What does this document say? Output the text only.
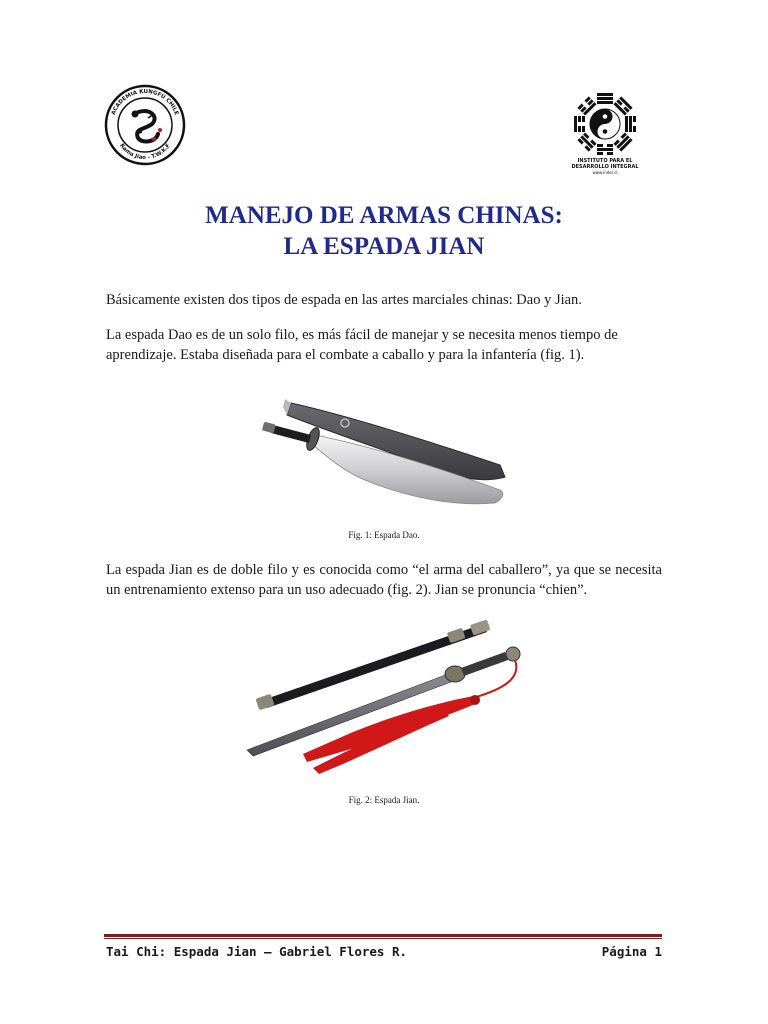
ACADEMIA KUNGFU CHILE
Rama Jiao - T.W.K.F
INSTITUTO PARA EL
DESARROLLO INTEGRAL
www.indei.cl
MANEJO DE ARMAS CHINAS:
LA ESPADA JIAN
Básicamente existen dos tipos de espada en las artes marciales chinas: Dao y Jian.
La espada Dao es de un solo filo, es más fácil de manejar y se necesita menos tiempo de aprendizaje. Estaba diseñada para el combate a caballo y para la infantería (fig. 1).
Fig. 1: Espada Dao.
La espada Jian es de doble filo y es conocida como “el arma del caballero”, ya que se necesita un entrenamiento extenso para un uso adecuado (fig. 2). Jian se pronuncia “chien”.
Fig. 2: Espada Jian.
Tai Chi: Espada Jian – Gabriel Flores R.	Página 1
